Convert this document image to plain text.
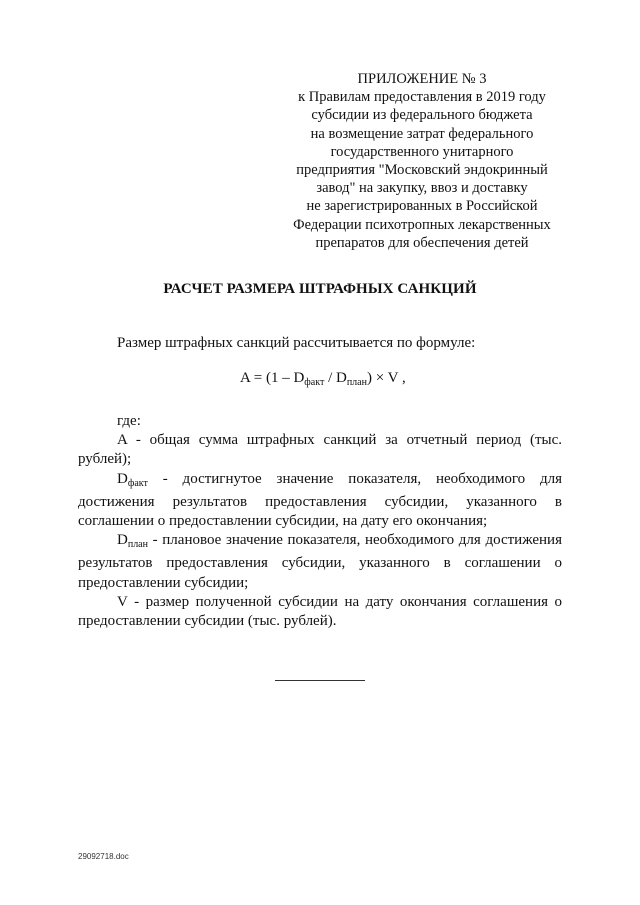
ПРИЛОЖЕНИЕ № 3
к Правилам предоставления в 2019 году
субсидии из федерального бюджета
на возмещение затрат федерального
государственного унитарного
предприятия "Московский эндокринный
завод" на закупку, ввоз и доставку
не зарегистрированных в Российской
Федерации психотропных лекарственных
препаратов для обеспечения детей
РАСЧЕТ РАЗМЕРА ШТРАФНЫХ САНКЦИЙ
Размер штрафных санкций рассчитывается по формуле:
$A = (1 - D_{факт} / D_{план}) \times V$ ,

где:

A - общая сумма штрафных санкций за отчетный период (тыс. рублей);

$D_{факт}$ - достигнутое значение показателя, необходимого для достижения результатов предоставления субсидии, указанного в соглашении о предоставлении субсидии, на дату его окончания;

$D_{план}$ - плановое значение показателя, необходимого для достижения результатов предоставления субсидии, указанного в соглашении о предоставлении субсидии;

V - размер полученной субсидии на дату окончания соглашения о предоставлении субсидии (тыс. рублей).

29092718.doc
